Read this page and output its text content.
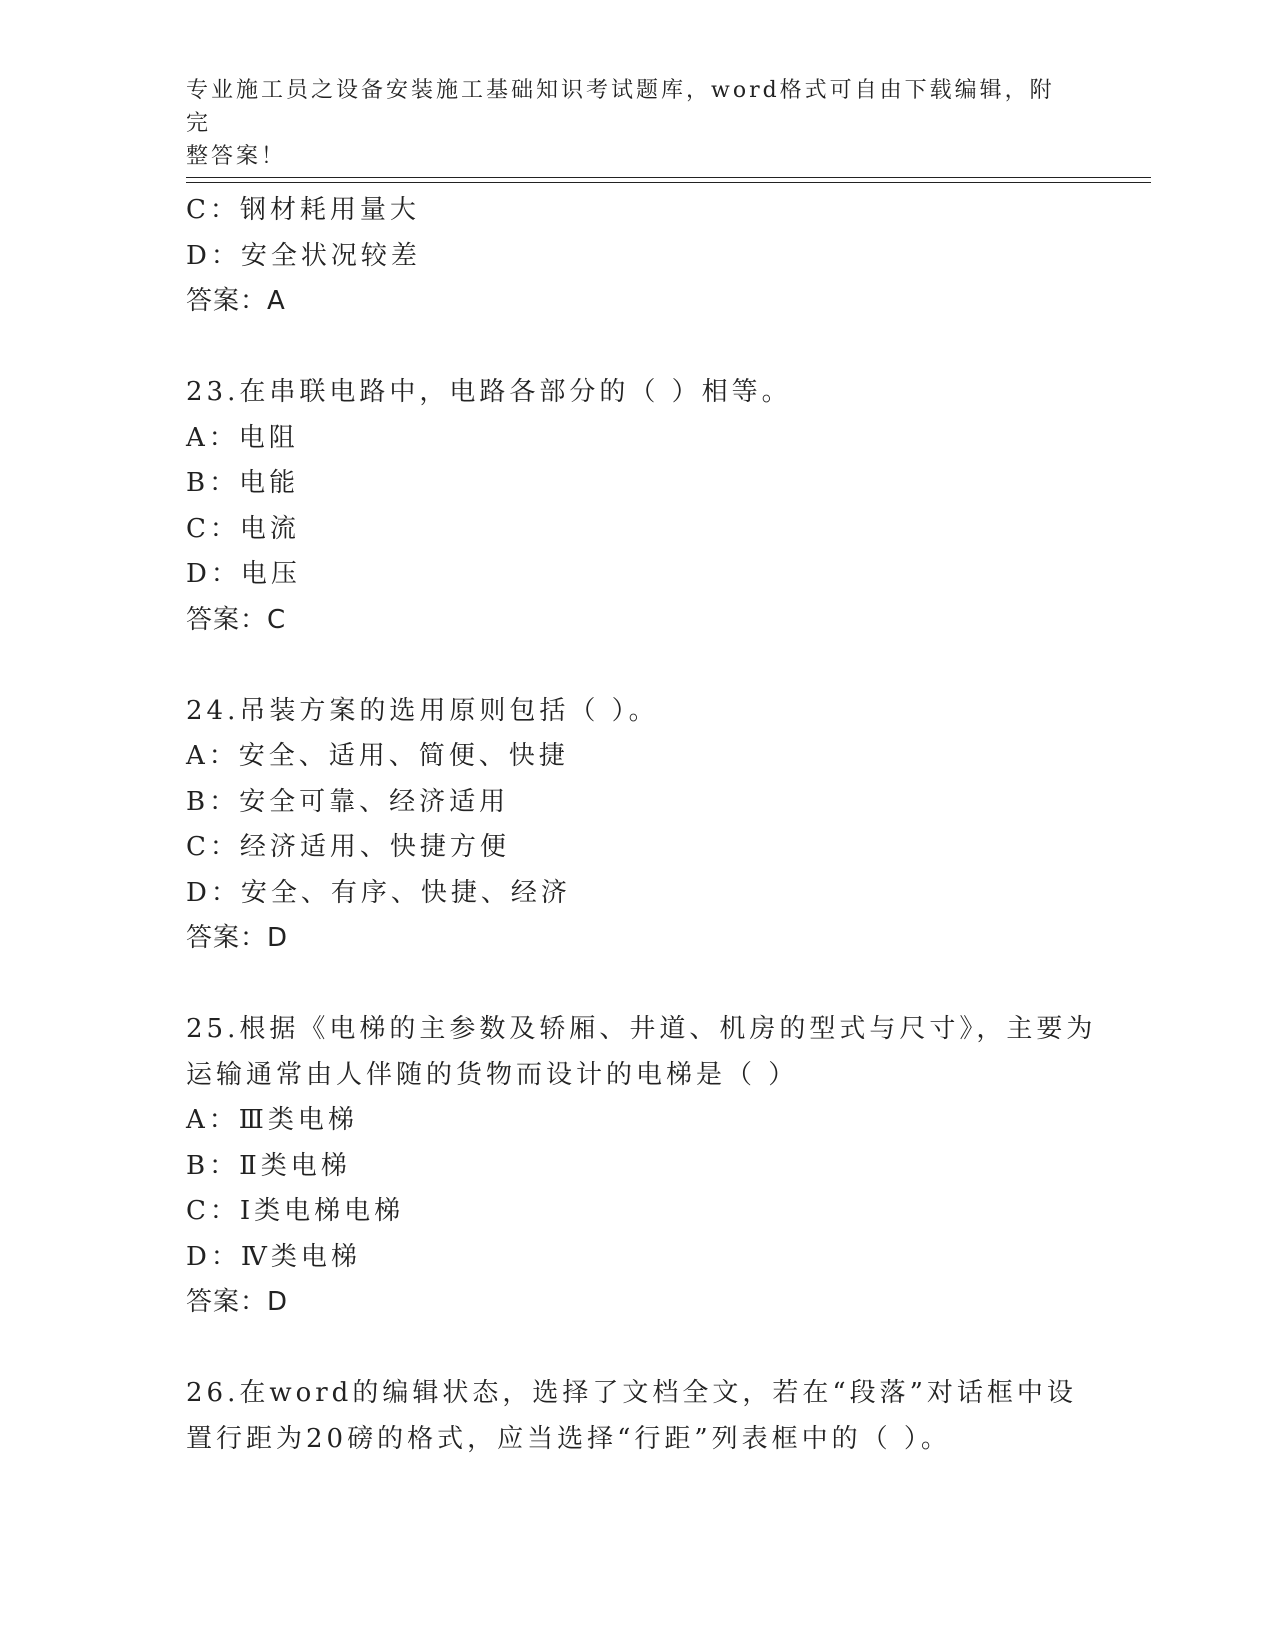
专业施工员之设备安装施工基础知识考试题库，word格式可自由下载编辑，附完
整答案！
C：钢材耗用量大
D：安全状况较差
答案：A
23.在串联电路中，电路各部分的（ ）相等。
A：电阻
B：电能
C：电流
D：电压
答案：C
24.吊装方案的选用原则包括（ ）。
A：安全、适用、简便、快捷
B：安全可靠、经济适用
C：经济适用、快捷方便
D：安全、有序、快捷、经济
答案：D
25.根据《电梯的主参数及轿厢、井道、机房的型式与尺寸》，主要为
运输通常由人伴随的货物而设计的电梯是（ ）
A：Ⅲ类电梯
B：Ⅱ类电梯
C：Ⅰ类电梯电梯
D：Ⅳ类电梯
答案：D
26.在word的编辑状态，选择了文档全文，若在“段落”对话框中设
置行距为20磅的格式，应当选择“行距”列表框中的（ ）。
